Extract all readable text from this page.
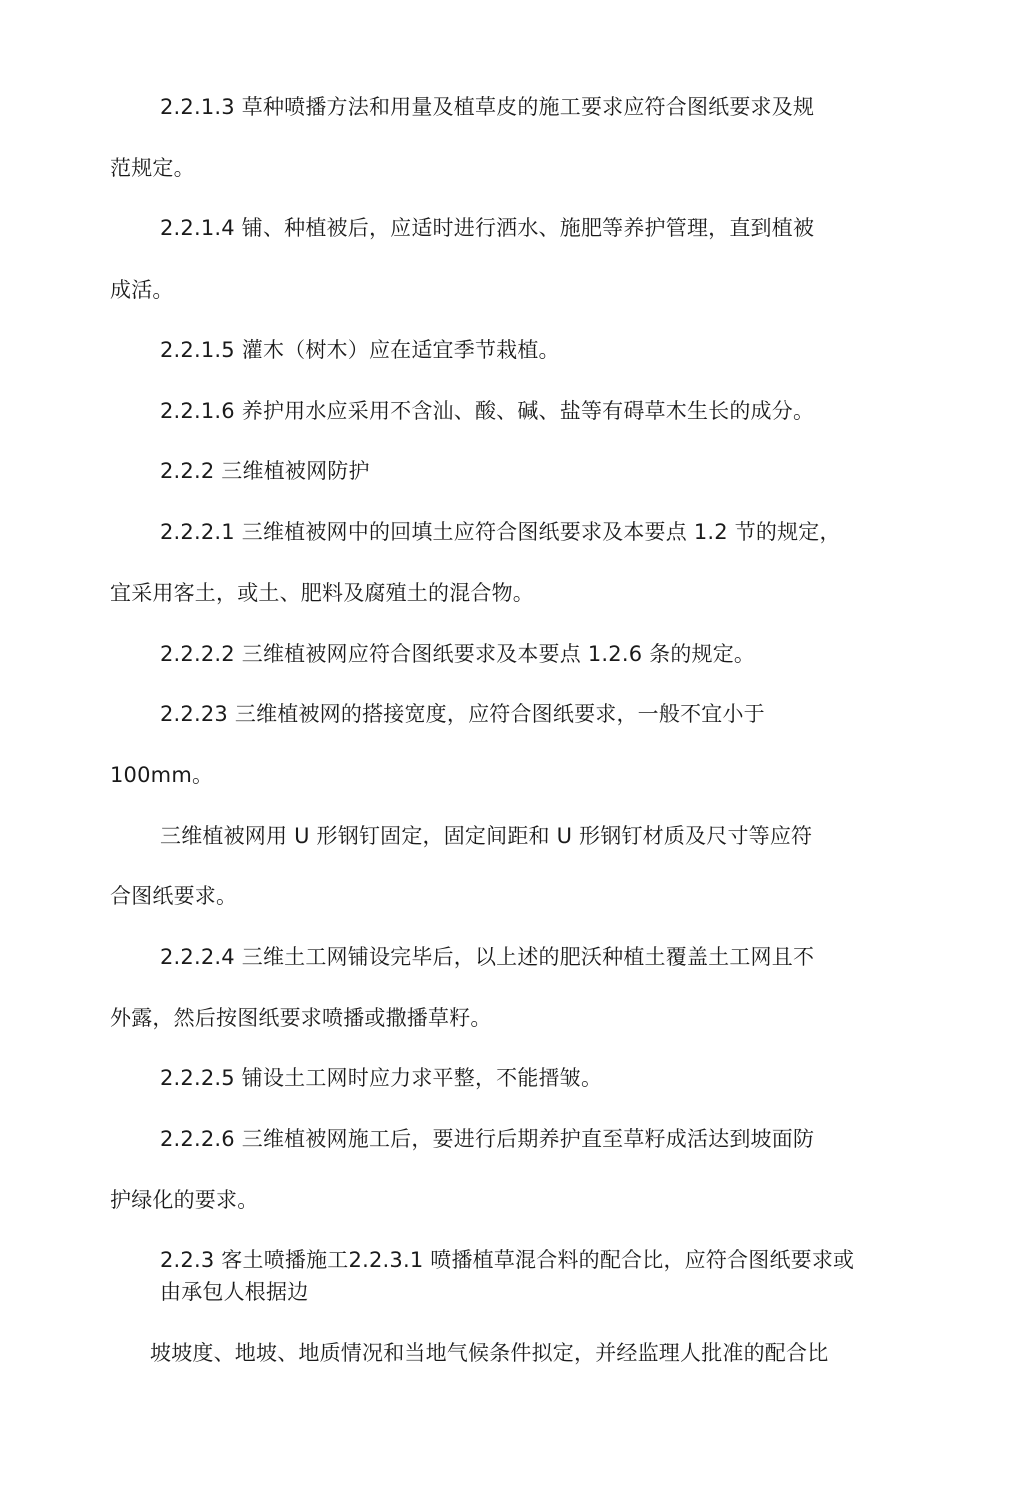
2.2.1.3 草种喷播方法和用量及植草皮的施工要求应符合图纸要求及规
范规定。
2.2.1.4 铺、种植被后，应适时进行洒水、施肥等养护管理，直到植被
成活。
2.2.1.5 灌木（树木）应在适宜季节栽植。
2.2.1.6 养护用水应采用不含汕、酸、碱、盐等有碍草木生长的成分。
2.2.2 三维植被网防护
2.2.2.1 三维植被网中的回填土应符合图纸要求及本要点 1.2 节的规定，
宜采用客土，或土、肥料及腐殖土的混合物。
2.2.2.2 三维植被网应符合图纸要求及本要点 1.2.6 条的规定。
2.2.23 三维植被网的搭接宽度，应符合图纸要求，一般不宜小于
100mm。
三维植被网用 U 形钢钉固定，固定间距和 U 形钢钉材质及尺寸等应符
合图纸要求。
2.2.2.4 三维土工网铺设完毕后，以上述的肥沃种植土覆盖土工网且不
外露，然后按图纸要求喷播或撒播草籽。
2.2.2.5 铺设土工网时应力求平整，不能搢皱。
2.2.2.6 三维植被网施工后，要进行后期养护直至草籽成活达到坡面防
护绿化的要求。
2.2.3 客土喷播施工2.2.3.1 喷播植草混合料的配合比，应符合图纸要求或
由承包人根据边
坡坡度、地坡、地质情况和当地气候条件拟定，并经监理人批准的配合比
